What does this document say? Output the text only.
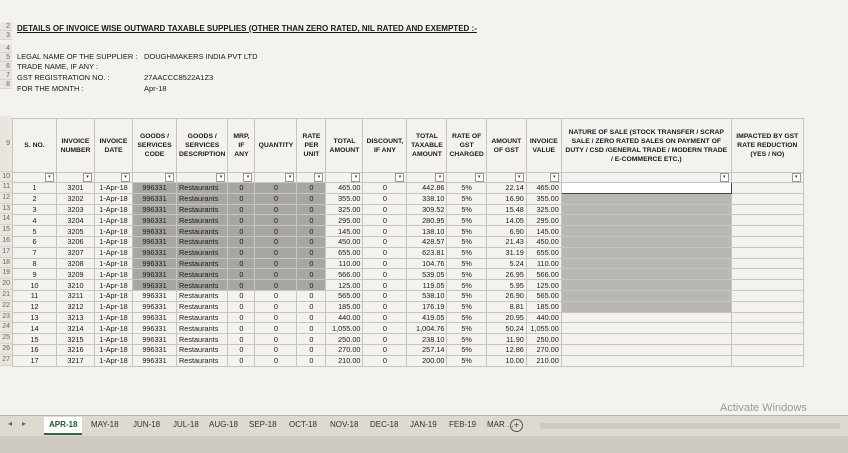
2
3
4
5
6
7
8
9
10
11
12
13
14
15
16
17
18
19
20
21
22
23
24
25
26
27
DETAILS OF INVOICE WISE OUTWARD TAXABLE SUPPLIES (OTHER THAN ZERO RATED, NIL RATED AND EXEMPTED :-
LEGAL NAME OF THE SUPPLIER : DOUGHMAKERS INDIA PVT LTD
TRADE NAME, IF ANY :
GST REGISTRATION NO. :	27AACCC8522A1Z3
FOR THE MONTH :	Apr-18
S. NO.	INVOICE NUMBER	INVOICE DATE	GOODS / SERVICES CODE	GOODS / SERVICES DESCRIPTION	MRP, IF ANY	QUANTITY	RATE PER UNIT	TOTAL AMOUNT	DISCOUNT, IF ANY	TOTAL TAXABLE AMOUNT	RATE OF GST CHARGED	AMOUNT OF GST	INVOICE VALUE	NATURE OF SALE (STOCK TRANSFER / SCRAP SALE / ZERO RATED SALES ON PAYMENT OF DUTY / CSD /GENERAL TRADE / MODERN TRADE / E-COMMERCE ETC.)	IMPACTED BY GST RATE REDUCTION (YES / NO)

▾	▾	▾	▾	▾	▾	▾	▾	▾	▾	▾	▾	▾	▾	▾	▾

1	3201	1-Apr-18	996331	Restaurants	0	0	0	465.00	0	442.86	5%	22.14	465.00		
2	3202	1-Apr-18	996331	Restaurants	0	0	0	355.00	0	338.10	5%	16.90	355.00		
3	3203	1-Apr-18	996331	Restaurants	0	0	0	325.00	0	309.52	5%	15.48	325.00		
4	3204	1-Apr-18	996331	Restaurants	0	0	0	295.00	0	280.95	5%	14.05	295.00		
5	3205	1-Apr-18	996331	Restaurants	0	0	0	145.00	0	138.10	5%	6.90	145.00		
6	3206	1-Apr-18	996331	Restaurants	0	0	0	450.00	0	428.57	5%	21.43	450.00		
7	3207	1-Apr-18	996331	Restaurants	0	0	0	655.00	0	623.81	5%	31.19	655.00		
8	3208	1-Apr-18	996331	Restaurants	0	0	0	110.00	0	104.76	5%	5.24	110.00		
9	3209	1-Apr-18	996331	Restaurants	0	0	0	566.00	0	539.05	5%	26.95	566.00		
10	3210	1-Apr-18	996331	Restaurants	0	0	0	125.00	0	119.05	5%	5.95	125.00		
11	3211	1-Apr-18	996331	Restaurants	0	0	0	565.00	0	538.10	5%	26.90	565.00		
12	3212	1-Apr-18	996331	Restaurants	0	0	0	185.00	0	176.19	5%	8.81	185.00		
13	3213	1-Apr-18	996331	Restaurants	0	0	0	440.00	0	419.05	5%	20.95	440.00		
14	3214	1-Apr-18	996331	Restaurants	0	0	0	1,055.00	0	1,004.76	5%	50.24	1,055.00		
15	3215	1-Apr-18	996331	Restaurants	0	0	0	250.00	0	238.10	5%	11.90	250.00		
16	3216	1-Apr-18	996331	Restaurants	0	0	0	270.00	0	257.14	5%	12.86	270.00		
17	3217	1-Apr-18	996331	Restaurants	0	0	0	210.00	0	200.00	5%	10.00	210.00		
Activate Windows
◂ ▸	APR-18	MAY-18	JUN-18	JUL-18	AUG-18	SEP-18	OCT-18	NOV-18	DEC-18	JAN-19	FEB-19	MAR ... +
